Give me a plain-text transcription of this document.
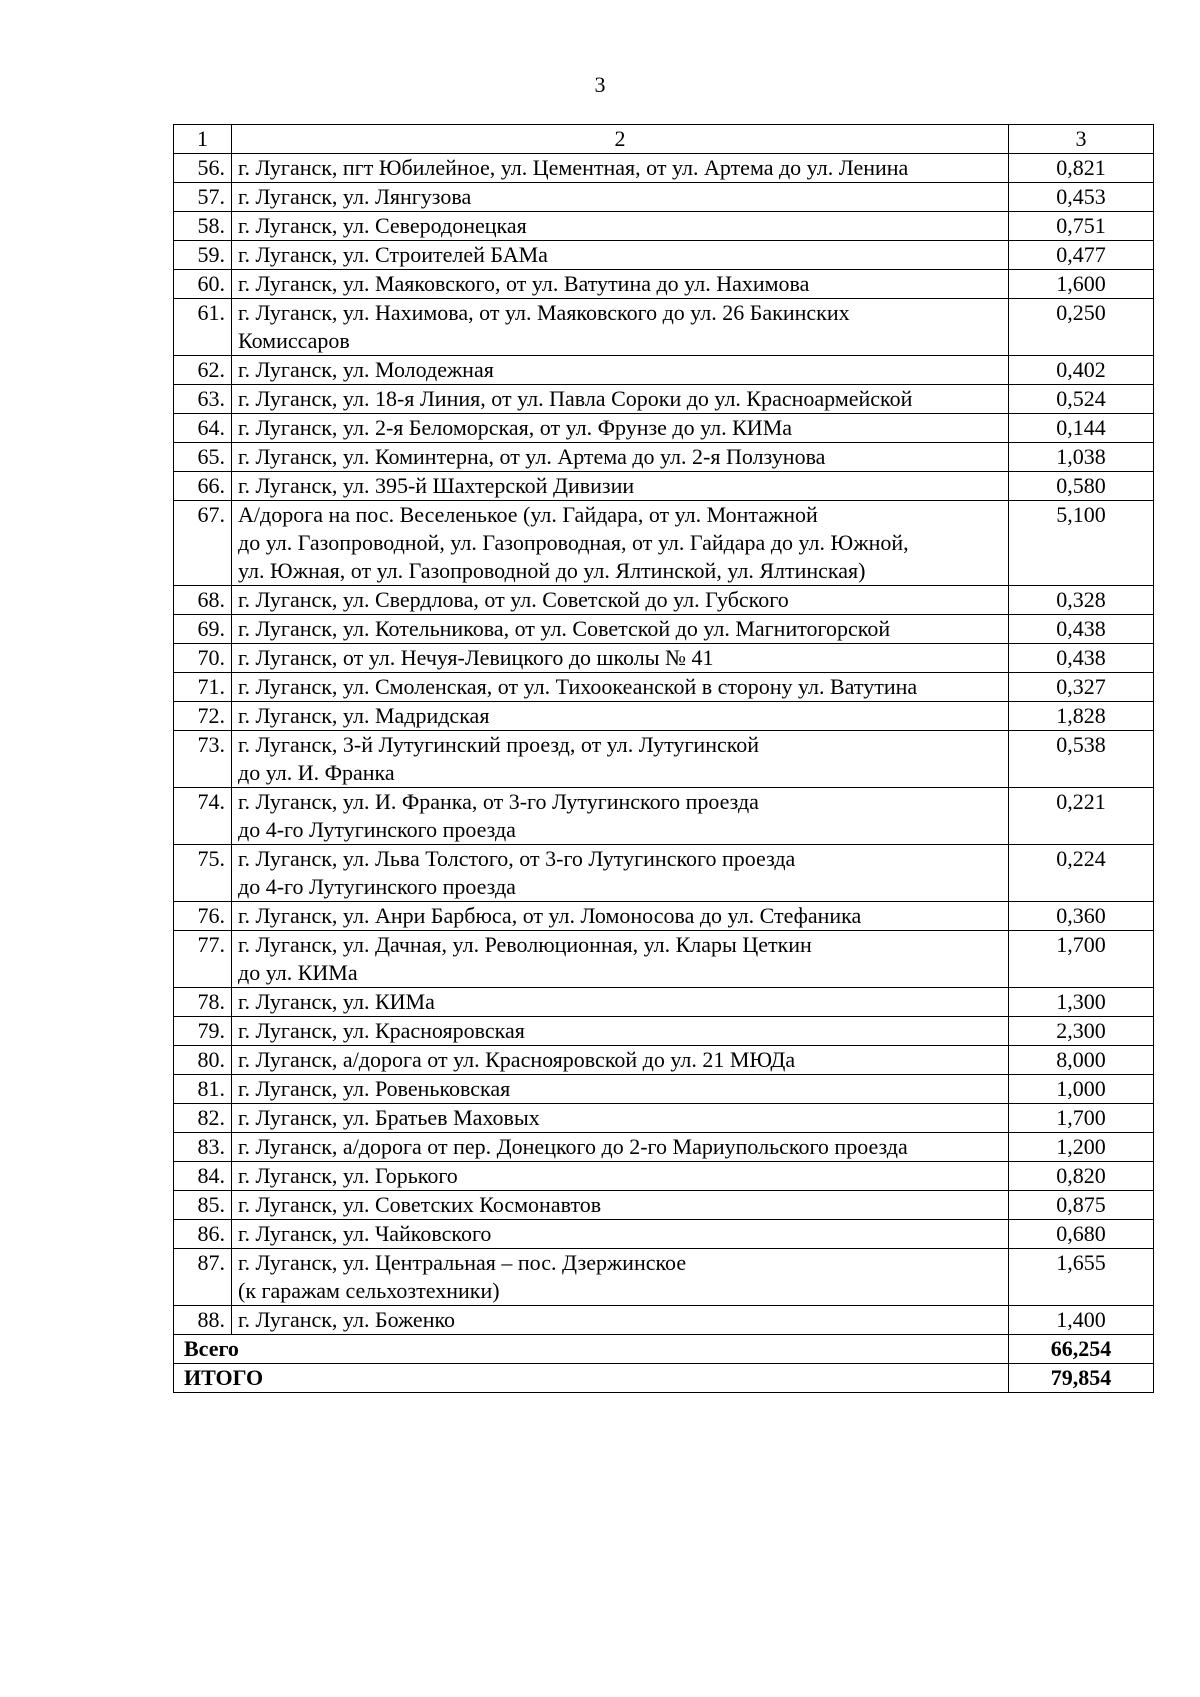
3
1	2	3
56.	г. Луганск, пгт Юбилейное, ул. Цементная, от ул. Артема до ул. Ленина	0,821
57.	г. Луганск, ул. Лянгузова	0,453
58.	г. Луганск, ул. Северодонецкая	0,751
59.	г. Луганск, ул. Строителей БАМа	0,477
60.	г. Луганск, ул. Маяковского, от ул. Ватутина до ул. Нахимова	1,600
61.	г. Луганск, ул. Нахимова, от ул. Маяковского до ул. 26 Бакинских
Комиссаров	0,250
62.	г. Луганск, ул. Молодежная	0,402
63.	г. Луганск, ул. 18-я Линия, от ул. Павла Сороки до ул. Красноармейской	0,524
64.	г. Луганск, ул. 2-я Беломорская, от ул. Фрунзе до ул. КИМа	0,144
65.	г. Луганск, ул. Коминтерна, от ул. Артема до ул. 2-я Ползунова	1,038
66.	г. Луганск, ул. 395-й Шахтерской Дивизии	0,580
67.	А/дорога на пос. Веселенькое (ул. Гайдара, от ул. Монтажной
до ул. Газопроводной, ул. Газопроводная, от ул. Гайдара до ул. Южной,
ул. Южная, от ул. Газопроводной до ул. Ялтинской, ул. Ялтинская)	5,100
68.	г. Луганск, ул. Свердлова, от ул. Советской до ул. Губского	0,328
69.	г. Луганск, ул. Котельникова, от ул. Советской до ул. Магнитогорской	0,438
70.	г. Луганск, от ул. Нечуя-Левицкого до школы № 41	0,438
71.	г. Луганск, ул. Смоленская, от ул. Тихоокеанской в сторону ул. Ватутина	0,327
72.	г. Луганск, ул. Мадридская	1,828
73.	г. Луганск, 3-й Лутугинский проезд, от ул. Лутугинской
до ул. И. Франка	0,538
74.	г. Луганск, ул. И. Франка, от 3-го Лутугинского проезда
до 4-го Лутугинского проезда	0,221
75.	г. Луганск, ул. Льва Толстого, от 3-го Лутугинского проезда
до 4-го Лутугинского проезда	0,224
76.	г. Луганск, ул. Анри Барбюса, от ул. Ломоносова до ул. Стефаника	0,360
77.	г. Луганск, ул. Дачная, ул. Революционная, ул. Клары Цеткин
до ул. КИМа	1,700
78.	г. Луганск, ул. КИМа	1,300
79.	г. Луганск, ул. Краснояровская	2,300
80.	г. Луганск, а/дорога от ул. Краснояровской до ул. 21 МЮДа	8,000
81.	г. Луганск, ул. Ровеньковская	1,000
82.	г. Луганск, ул. Братьев Маховых	1,700
83.	г. Луганск, а/дорога от пер. Донецкого до 2-го Мариупольского проезда	1,200
84.	г. Луганск, ул. Горького	0,820
85.	г. Луганск, ул. Советских Космонавтов	0,875
86.	г. Луганск, ул. Чайковского	0,680
87.	г. Луганск, ул. Центральная – пос. Дзержинское
(к гаражам сельхозтехники)	1,655
88.	г. Луганск, ул. Боженко	1,400
Всего		66,254
ИТОГО		79,854
